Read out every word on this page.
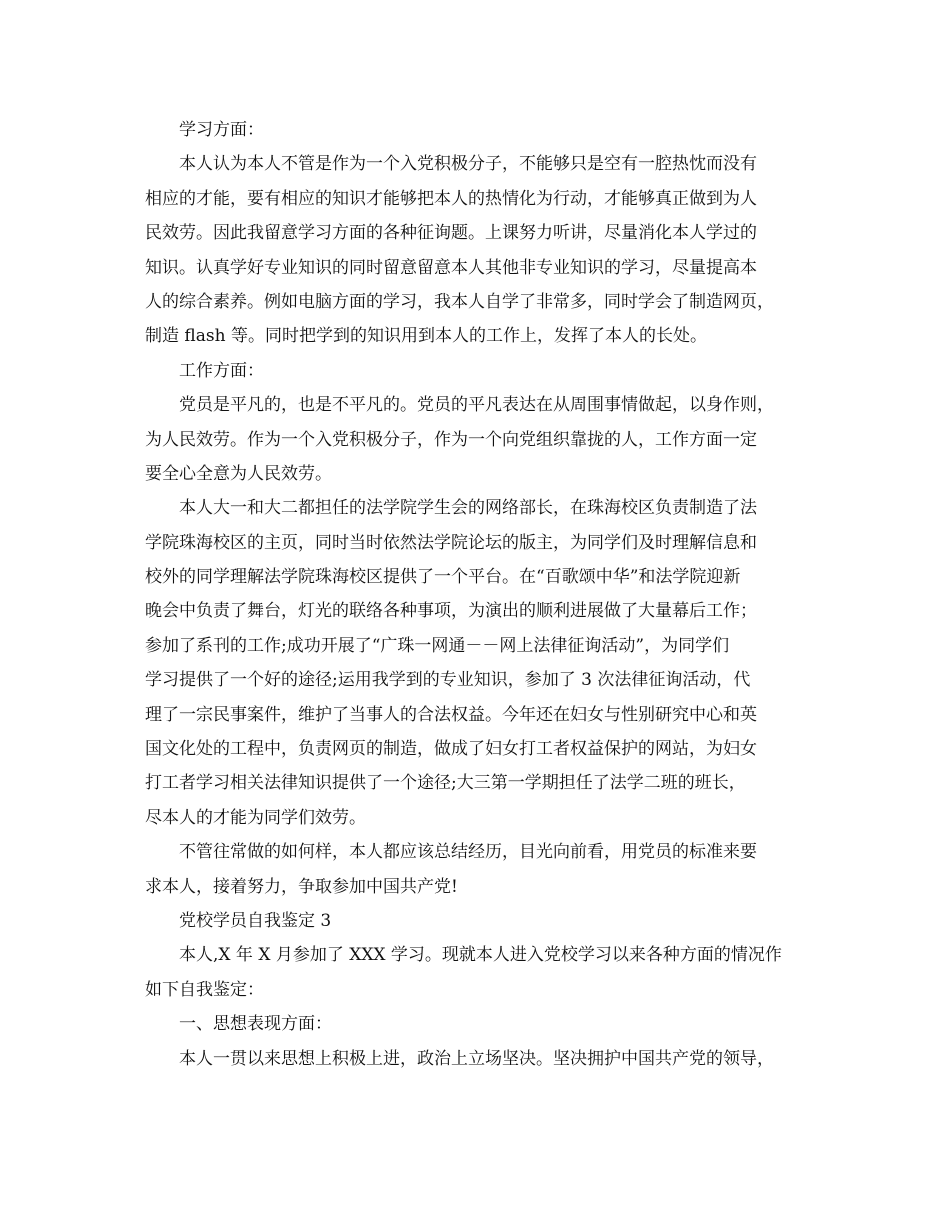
学习方面：
本人认为本人不管是作为一个入党积极分子，不能够只是空有一腔热忱而没有
相应的才能，要有相应的知识才能够把本人的热情化为行动，才能够真正做到为人
民效劳。因此我留意学习方面的各种征询题。上课努力听讲，尽量消化本人学过的
知识。认真学好专业知识的同时留意留意本人其他非专业知识的学习，尽量提高本
人的综合素养。例如电脑方面的学习，我本人自学了非常多，同时学会了制造网页，
制造 flash 等。同时把学到的知识用到本人的工作上，发挥了本人的长处。
工作方面：
党员是平凡的，也是不平凡的。党员的平凡表达在从周围事情做起，以身作则，
为人民效劳。作为一个入党积极分子，作为一个向党组织靠拢的人，工作方面一定
要全心全意为人民效劳。
本人大一和大二都担任的法学院学生会的网络部长，在珠海校区负责制造了法
学院珠海校区的主页，同时当时依然法学院论坛的版主，为同学们及时理解信息和
校外的同学理解法学院珠海校区提供了一个平台。在“百歌颂中华”和法学院迎新
晚会中负责了舞台，灯光的联络各种事项，为演出的顺利进展做了大量幕后工作；
参加了系刊的工作;成功开展了“广珠一网通－－网上法律征询活动”，为同学们
学习提供了一个好的途径;运用我学到的专业知识，参加了 3 次法律征询活动，代
理了一宗民事案件，维护了当事人的合法权益。今年还在妇女与性别研究中心和英
国文化处的工程中，负责网页的制造，做成了妇女打工者权益保护的网站，为妇女
打工者学习相关法律知识提供了一个途径;大三第一学期担任了法学二班的班长，
尽本人的才能为同学们效劳。
不管往常做的如何样，本人都应该总结经历，目光向前看，用党员的标准来要
求本人，接着努力，争取参加中国共产党!
党校学员自我鉴定 3
本人,X 年 X 月参加了 XXX 学习。现就本人进入党校学习以来各种方面的情况作
如下自我鉴定：
一、思想表现方面：
本人一贯以来思想上积极上进，政治上立场坚决。坚决拥护中国共产党的领导，
